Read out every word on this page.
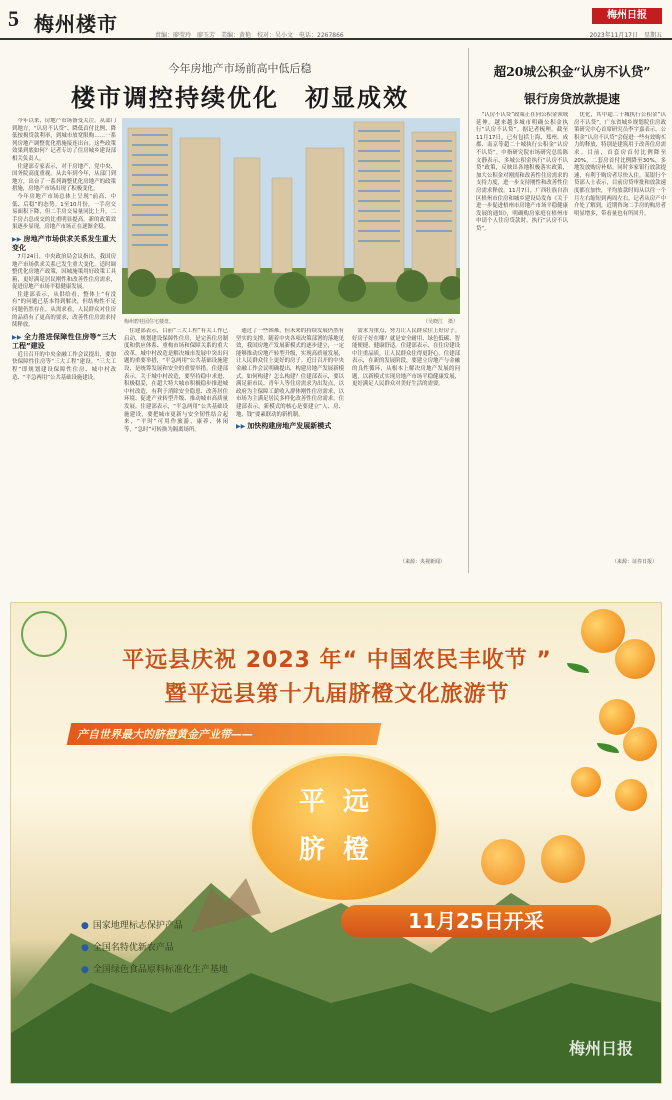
5 梅州楼市	责编：廖莹玲　廖玉芳　美编：黄艳　校对：吴小文　电话：2267866
梅州日报
2023年11月17日　星期五
今年房地产市场前高中低后稳
楼市调控持续优化　初显成效
梅州碧桂园住宅楼盘。	（吴晓江　摄）

今年以来，房地产市场备受关注。从部门到地方，“认房不认贷”、降低首付比例、降低按揭贷款利率，到城市放宽限购……一系列房地产调整优化措施接连出台。这些政策效果到底如何？记者专访了住房城乡建设部相关负责人。

住建部专家表示，对于房地产，党中央、国务院高度重视。从去年到今年，从部门到地方，出台了一系列调整优化房地产的政策措施，房地产市场出现了积极变化。

今年房地产市场总体上呈现“前高、中低、后稳”的态势。1至10月份，一手房交易面积下降，但二手房交易量同比上升，二手房占总成交的比重明显提高。新的政策效果逐步显现，房地产市场正在逐渐企稳。

▶▶ 房地产市场供求关系发生重大变化

7月24日，中央政治局会议指出，我国房地产市场供求关系已发生重大变化。适时调整优化房地产政策，因城施策用好政策工具箱，更好满足居民刚性和改善性住房需求，促进房地产市场平稳健康发展。

住建部表示，从供给看，整体上“有没有”的问题已基本得到解决，但结构性不足问题仍然存在。从需求看，人民群众对住房的品质有了更高的要求，改善性住房需求持续释放。

▶▶ 全力推进保障性住房等“三大工程”建设

近日召开的中央金融工作会议提出，要加快保障性住房等“三大工程”建设。“三大工程”即规划建设保障性住房、城中村改造、“平急两用”公共基础设施建设。

住建部表示，目前“三大工程”有关工作已启动，规划建设保障性住房，是完善住房制度和供应体系、重构市场和保障关系的重大改革。城中村改造是解决城市发展中突出问题的重要举措，“平急两用”公共基础设施建设，是统筹发展和安全的重要举措。住建部表示，关于城中村改造，要坚持稳中求进、积极稳妥，在超大特大城市积极稳步推进城中村改造，有利于消除安全隐患、改善居住环境、促进产业转型升级、推动城市高质量发展。住建部表示，“平急两用”公共基础设施建设，要把城市更新与安全韧性结合起来，“平时”可用作旅游、康养、休闲等，“急时”可转换为隔离场所。

通过了一些困难，但未来的持续发展仍然有坚实的支撑。随着中央各项决策部署的落地见效，我国房地产发展新模式的逐步建立，一定能够推动房地产转型升级，实现高质量发展，让人民群众住上更好的房子。近日召开的中央金融工作会议明确提出，构建房地产发展新模式。如何构建？怎么构建？住建部表示，要以满足新市民、青年人等住房需求为出发点，以政府为主保障工薪收入群体刚性住房需求，以市场为主满足居民多样化改善性住房需求。住建部表示，新模式的核心是要建立“人、房、地、钱”要素联动的新机制。

▶▶ 加快构建房地产发展新模式

需求为重点，努力让人民群众住上好房子。好房子好在哪？就是安全耐用、绿色低碳、智能便捷、健康舒适。住建部表示，在住房建设中注重品质，让人民群众住得更舒心。住建部表示，在新的发展阶段，要建立房地产与金融的良性循环，从根本上解决房地产发展的问题，以新模式实现房地产市场平稳健康发展，更好满足人民群众对美好生活的需要。

（来源：央视新闻）
超20城公积金“认房不认贷”
银行房贷放款提速

“认房不认贷”政策正在向公积金领域延伸。越来越多城市明确公积金执行“认房不认贷”。据记者梳理，截至11月17日，已有包括上海、郑州、成都、南京等超二十城执行公积金“认房不认贷”。中指研究院市场研究总监陈文静表示，多城公积金执行“认房不认贷”政策，反映出各地积极落实政策，加大公积金对刚需和改善性住房需求的支持力度，进一步支持刚性和改善性住房需求释放。11月7日，广西壮族自治区梧州市住房和城乡建设局发布《关于进一步促进梧州市房地产市场平稳健康发展的通知》，明确购房家庭在梧州市申请个人住房贷款时，执行“认房不认贷”。

优化，其中超二十城执行公积金“认房不认贷”。广东省城乡规划院住房政策研究中心首席研究员李宇嘉表示，公积金“认房不认贷”会促进一些有效购买力的释放，特别是建筑用于改善住房需求。目前，首套房首付比例降至20%，二套房首付比例降至30%，多地发放购房补贴。同时多家银行放款提速，有利于购房者尽快入住。某银行个贷部人士表示，目前房贷审批和放款速度都在加快，平均放款时间从以往一个月左右缩短到两周左右。记者从房产中介处了解到，近期咨询二手房的购房者明显增多，带看量也有所回升。

（来源：证券日报）
平远县庆祝 2023 年“ 中国农民丰收节 ”
暨平远县第十九届脐橙文化旅游节
产自世界最大的脐橙黄金产业带——
平远
脐橙
11月25日开采
● 国家地理标志保护产品
● 全国名特优新农产品
● 全国绿色食品原料标准化生产基地
梅州日报
